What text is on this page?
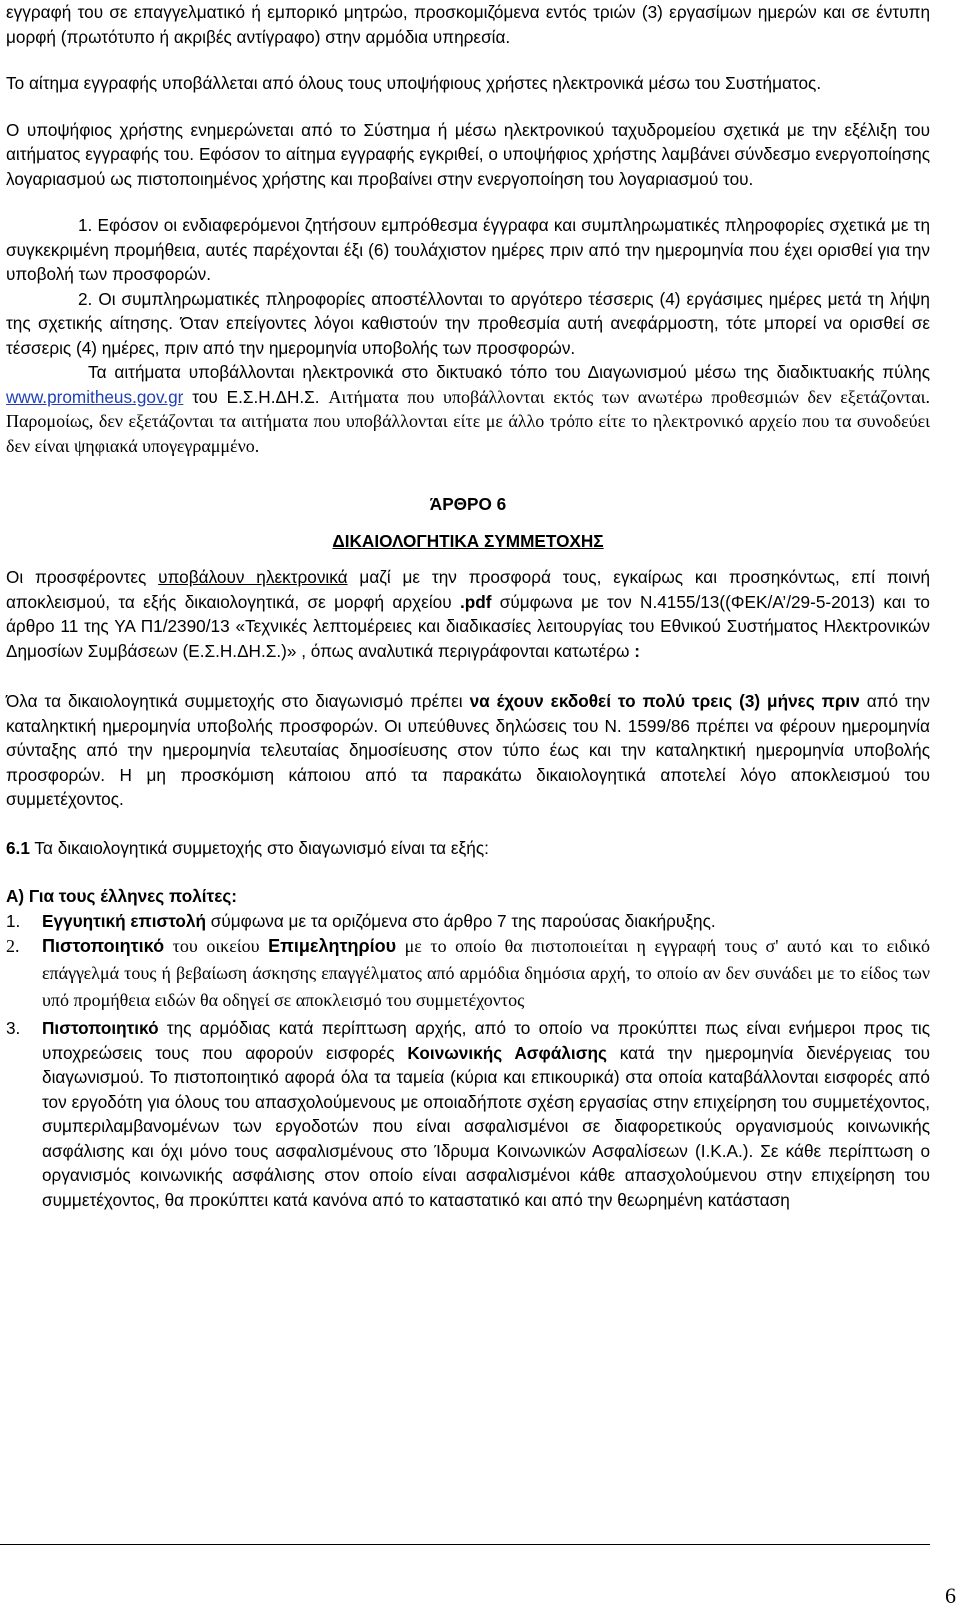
εγγραφή του σε επαγγελματικό ή εμπορικό μητρώο, προσκομιζόμενα εντός τριών (3) εργασίμων ημερών και σε έντυπη μορφή (πρωτότυπο ή ακριβές αντίγραφο) στην αρμόδια υπηρεσία.

Το αίτημα εγγραφής υποβάλλεται από όλους τους υποψήφιους χρήστες ηλεκτρονικά μέσω του Συστήματος.

Ο υποψήφιος χρήστης ενημερώνεται από το Σύστημα ή μέσω ηλεκτρονικού ταχυδρομείου σχετικά με την εξέλιξη του αιτήματος εγγραφής του. Εφόσον το αίτημα εγγραφής εγκριθεί, ο υποψήφιος χρήστης λαμβάνει σύνδεσμο ενεργοποίησης λογαριασμού ως πιστοποιημένος χρήστης και προβαίνει στην ενεργοποίηση του λογαριασμού του.

1. Εφόσον οι ενδιαφερόμενοι ζητήσουν εμπρόθεσμα έγγραφα και συμπληρωματικές πληροφορίες σχετικά με τη συγκεκριμένη προμήθεια, αυτές παρέχονται έξι (6) τουλάχιστον ημέρες πριν από την ημερομηνία που έχει ορισθεί για την υποβολή των προσφορών.

2. Οι συμπληρωματικές πληροφορίες αποστέλλονται το αργότερο τέσσερις (4) εργάσιμες ημέρες μετά τη λήψη της σχετικής αίτησης. Όταν επείγοντες λόγοι καθιστούν την προθεσμία αυτή ανεφάρμοστη, τότε μπορεί να ορισθεί σε τέσσερις (4) ημέρες, πριν από την ημερομηνία υποβολής των προσφορών.

Τα αιτήματα υποβάλλονται ηλεκτρονικά στο δικτυακό τόπο του Διαγωνισμού μέσω της διαδικτυακής πύλης www.promitheus.gov.gr του Ε.Σ.Η.ΔΗ.Σ. Αιτήματα που υποβάλλονται εκτός των ανωτέρω προθεσμιών δεν εξετάζονται. Παρομοίως, δεν εξετάζονται τα αιτήματα που υποβάλλονται είτε με άλλο τρόπο είτε το ηλεκτρονικό αρχείο που τα συνοδεύει δεν είναι ψηφιακά υπογεγραμμένο.

ΆΡΘΡΟ 6

ΔΙΚΑΙΟΛΟΓΗΤΙΚΑ ΣΥΜΜΕΤΟΧΗΣ

Οι προσφέροντες υποβάλουν ηλεκτρονικά μαζί με την προσφορά τους, εγκαίρως και προσηκόντως, επί ποινή αποκλεισμού, τα εξής δικαιολογητικά, σε μορφή αρχείου .pdf σύμφωνα με τον Ν.4155/13((ΦΕΚ/Α’/29-5-2013) και το άρθρο 11 της ΥΑ Π1/2390/13 «Τεχνικές λεπτομέρειες και διαδικασίες λειτουργίας του Εθνικού Συστήματος Ηλεκτρονικών Δημοσίων Συμβάσεων (Ε.Σ.Η.ΔΗ.Σ.)» , όπως αναλυτικά περιγράφονται κατωτέρω :

Όλα τα δικαιολογητικά συμμετοχής στο διαγωνισμό πρέπει να έχουν εκδοθεί το πολύ τρεις (3) μήνες πριν από την καταληκτική ημερομηνία υποβολής προσφορών. Οι υπεύθυνες δηλώσεις του Ν. 1599/86 πρέπει να φέρουν ημερομηνία σύνταξης από την ημερομηνία τελευταίας δημοσίευσης στον τύπο έως και την καταληκτική ημερομηνία υποβολής προσφορών. Η μη προσκόμιση κάποιου από τα παρακάτω δικαιολογητικά αποτελεί λόγο αποκλεισμού του συμμετέχοντος.

6.1 Τα δικαιολογητικά συμμετοχής στο διαγωνισμό είναι τα εξής:

Α) Για τους έλληνες πολίτες:

1. Εγγυητική επιστολή σύμφωνα με τα οριζόμενα στο άρθρο 7 της παρούσας διακήρυξης.
2. Πιστοποιητικό του οικείου Επιμελητηρίου με το οποίο θα πιστοποιείται η εγγραφή τους σ' αυτό και το ειδικό επάγγελμά τους ή βεβαίωση άσκησης επαγγέλματος από αρμόδια δημόσια αρχή, το οποίο αν δεν συνάδει με το είδος των υπό προμήθεια ειδών θα οδηγεί σε αποκλεισμό του συμμετέχοντος
3. Πιστοποιητικό της αρμόδιας κατά περίπτωση αρχής, από το οποίο να προκύπτει πως είναι ενήμεροι προς τις υποχρεώσεις τους που αφορούν εισφορές Κοινωνικής Ασφάλισης κατά την ημερομηνία διενέργειας του διαγωνισμού. Το πιστοποιητικό αφορά όλα τα ταμεία (κύρια και επικουρικά) στα οποία καταβάλλονται εισφορές από τον εργοδότη για όλους του απασχολούμενους με οποιαδήποτε σχέση εργασίας στην επιχείρηση του συμμετέχοντος, συμπεριλαμβανομένων των εργοδοτών που είναι ασφαλισμένοι σε διαφορετικούς οργανισμούς κοινωνικής ασφάλισης και όχι μόνο τους ασφαλισμένους στο Ίδρυμα Κοινωνικών Ασφαλίσεων (Ι.Κ.Α.). Σε κάθε περίπτωση ο οργανισμός κοινωνικής ασφάλισης στον οποίο είναι ασφαλισμένοι κάθε απασχολούμενου στην επιχείρηση του συμμετέχοντος, θα προκύπτει κατά κανόνα από το καταστατικό και από την θεωρημένη κατάσταση
6
